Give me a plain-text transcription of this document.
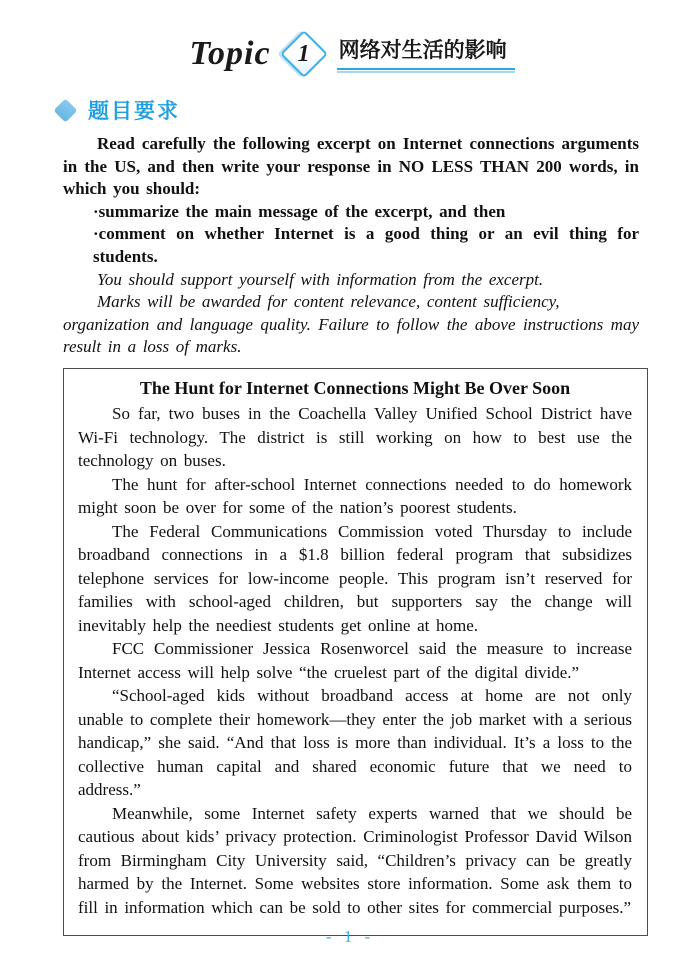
Topic 1 网络对生活的影响
题目要求

Read carefully the following excerpt on Internet connections arguments in the US, and then write your response in NO LESS THAN 200 words, in which you should:

·summarize the main message of the excerpt, and then

·comment on whether Internet is a good thing or an evil thing for students.

You should support yourself with information from the excerpt.

Marks will be awarded for content relevance, content sufficiency,

organization and language quality. Failure to follow the above instructions may result in a loss of marks.

The Hunt for Internet Connections Might Be Over Soon

So far, two buses in the Coachella Valley Unified School District have Wi-Fi technology. The district is still working on how to best use the technology on buses.

The hunt for after-school Internet connections needed to do homework might soon be over for some of the nation’s poorest students.

The Federal Communications Commission voted Thursday to include broadband connections in a $1.8 billion federal program that subsidizes telephone services for low-income people. This program isn’t reserved for families with school-aged children, but supporters say the change will inevitably help the neediest students get online at home.

FCC Commissioner Jessica Rosenworcel said the measure to increase Internet access will help solve “the cruelest part of the digital divide.”

“School-aged kids without broadband access at home are not only unable to complete their homework—they enter the job market with a serious handicap,” she said. “And that loss is more than individual. It’s a loss to the collective human capital and shared economic future that we need to address.”

Meanwhile, some Internet safety experts warned that we should be cautious about kids’ privacy protection. Criminologist Professor David Wilson from Birmingham City University said, “Children’s privacy can be greatly harmed by the Internet. Some websites store information. Some ask them to fill in information which can be sold to other sites for commercial purposes.”

- 1 -
